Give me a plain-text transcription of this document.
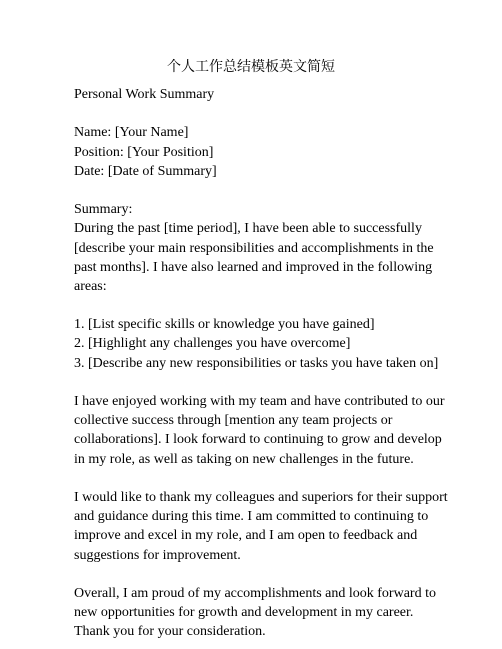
个人工作总结模板英文简短
Personal Work Summary
Name: [Your Name]
Position: [Your Position]
Date: [Date of Summary]
Summary:
During the past [time period], I have been able to successfully
[describe your main responsibilities and accomplishments in the
past months]. I have also learned and improved in the following
areas:
1. [List specific skills or knowledge you have gained]
2. [Highlight any challenges you have overcome]
3. [Describe any new responsibilities or tasks you have taken on]
I have enjoyed working with my team and have contributed to our
collective success through [mention any team projects or
collaborations]. I look forward to continuing to grow and develop
in my role, as well as taking on new challenges in the future.
I would like to thank my colleagues and superiors for their support
and guidance during this time. I am committed to continuing to
improve and excel in my role, and I am open to feedback and
suggestions for improvement.
Overall, I am proud of my accomplishments and look forward to
new opportunities for growth and development in my career.
Thank you for your consideration.
